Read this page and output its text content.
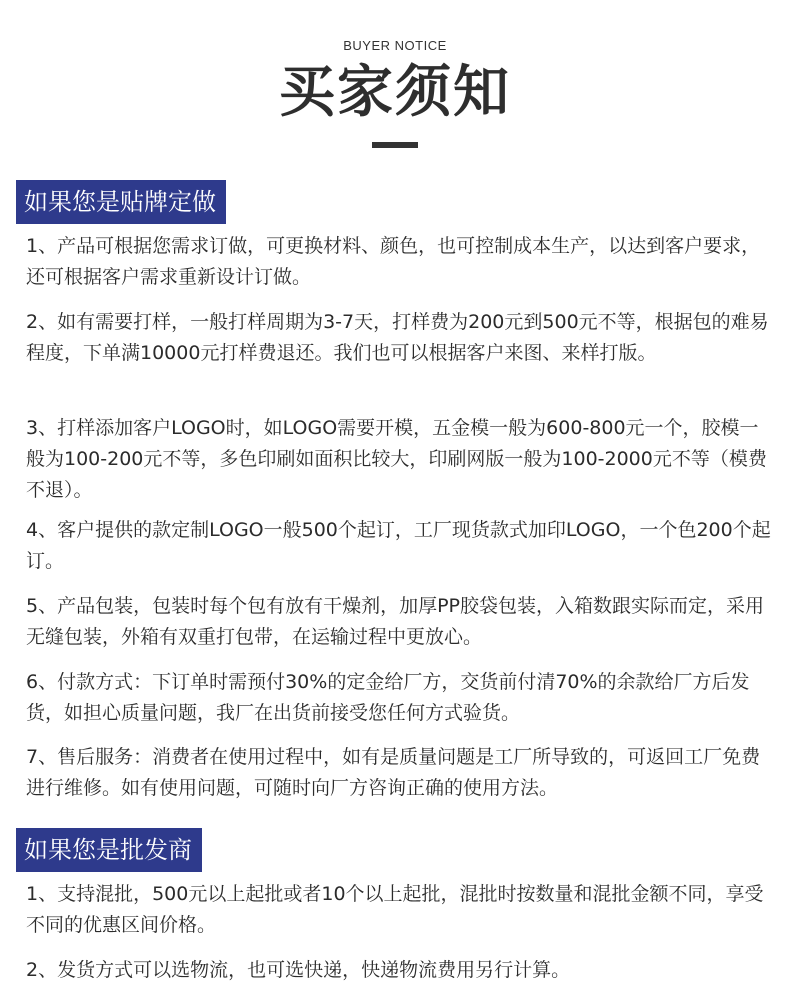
BUYER NOTICE
买家须知
如果您是贴牌定做
1、产品可根据您需求订做，可更换材料、颜色，也可控制成本生产，以达到客户要求，还可根据客户需求重新设计订做。
2、如有需要打样，一般打样周期为3-7天，打样费为200元到500元不等，根据包的难易程度，下单满10000元打样费退还。我们也可以根据客户来图、来样打版。
3、打样添加客户LOGO时，如LOGO需要开模，五金模一般为600-800元一个，胶模一般为100-200元不等，多色印刷如面积比较大，印刷网版一般为100-2000元不等（模费不退）。
4、客户提供的款定制LOGO一般500个起订，工厂现货款式加印LOGO，一个色200个起订。
5、产品包装，包装时每个包有放有干燥剂，加厚PP胶袋包装，入箱数跟实际而定，采用无缝包装，外箱有双重打包带，在运输过程中更放心。
6、付款方式：下订单时需预付30%的定金给厂方，交货前付清70%的余款给厂方后发货，如担心质量问题，我厂在出货前接受您任何方式验货。
7、售后服务：消费者在使用过程中，如有是质量问题是工厂所导致的，可返回工厂免费进行维修。如有使用问题，可随时向厂方咨询正确的使用方法。
如果您是批发商
1、支持混批，500元以上起批或者10个以上起批，混批时按数量和混批金额不同，享受不同的优惠区间价格。
2、发货方式可以选物流，也可选快递，快递物流费用另行计算。
